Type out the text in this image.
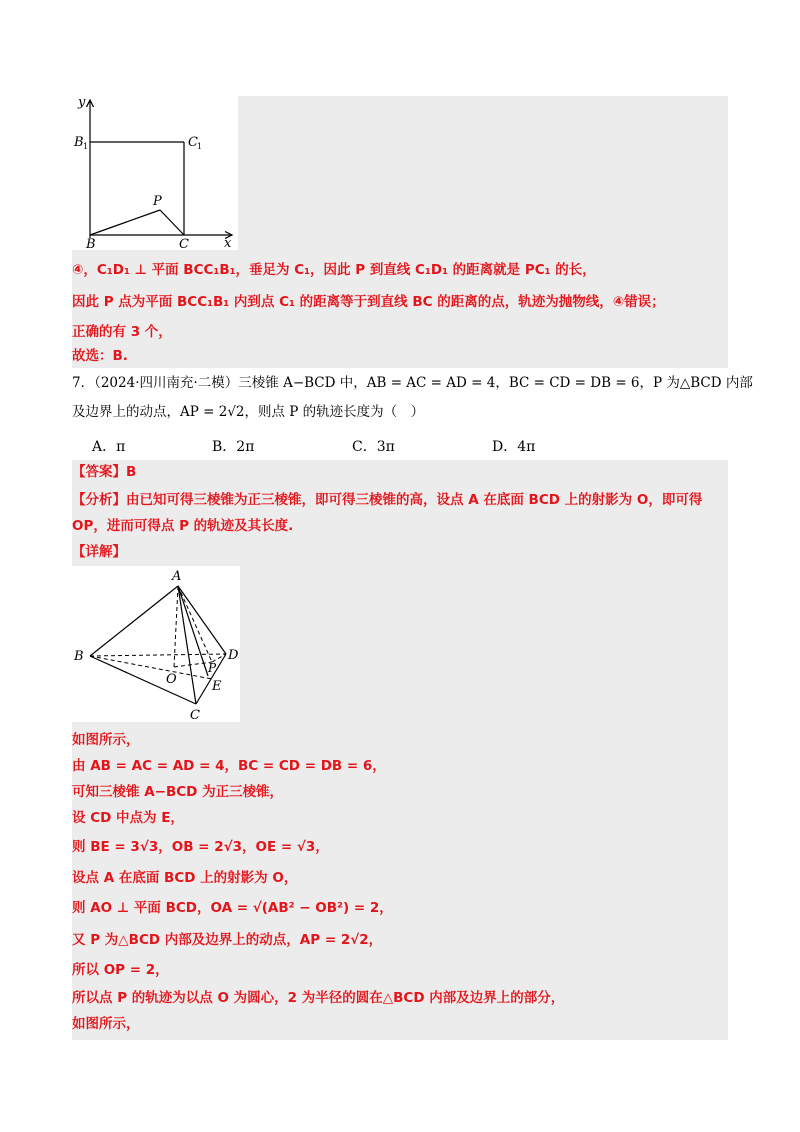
y
x
B 1	C 1
P
B	C
④，C₁D₁ ⊥ 平面 BCC₁B₁，垂足为 C₁，因此 P 到直线 C₁D₁ 的距离就是 PC₁ 的长，
因此 P 点为平面 BCC₁B₁ 内到点 C₁ 的距离等于到直线 BC 的距离的点，轨迹为抛物线，④错误；
正确的有 3 个，
故选：B.
7．（2024·四川南充·二模）三棱锥 A−BCD 中，AB = AC = AD = 4，BC = CD = DB = 6，P 为△BCD 内部
及边界上的动点，AP = 2√2，则点 P 的轨迹长度为（　）
A．π	B．2π	C．3π	D．4π
【答案】B
【分析】由已知可得三棱锥为正三棱锥，即可得三棱锥的高，设点 A 在底面 BCD 上的射影为 O，即可得
OP，进而可得点 P 的轨迹及其长度.
【详解】
A
B	D
O
P
E
C
如图所示，
由 AB = AC = AD = 4，BC = CD = DB = 6，
可知三棱锥 A−BCD 为正三棱锥，
设 CD 中点为 E，
则 BE = 3√3，OB = 2√3，OE = √3，
设点 A 在底面 BCD 上的射影为 O，
则 AO ⊥ 平面 BCD，OA = √(AB² − OB²) = 2，
又 P 为△BCD 内部及边界上的动点，AP = 2√2，
所以 OP = 2，
所以点 P 的轨迹为以点 O 为圆心，2 为半径的圆在△BCD 内部及边界上的部分，
如图所示，
